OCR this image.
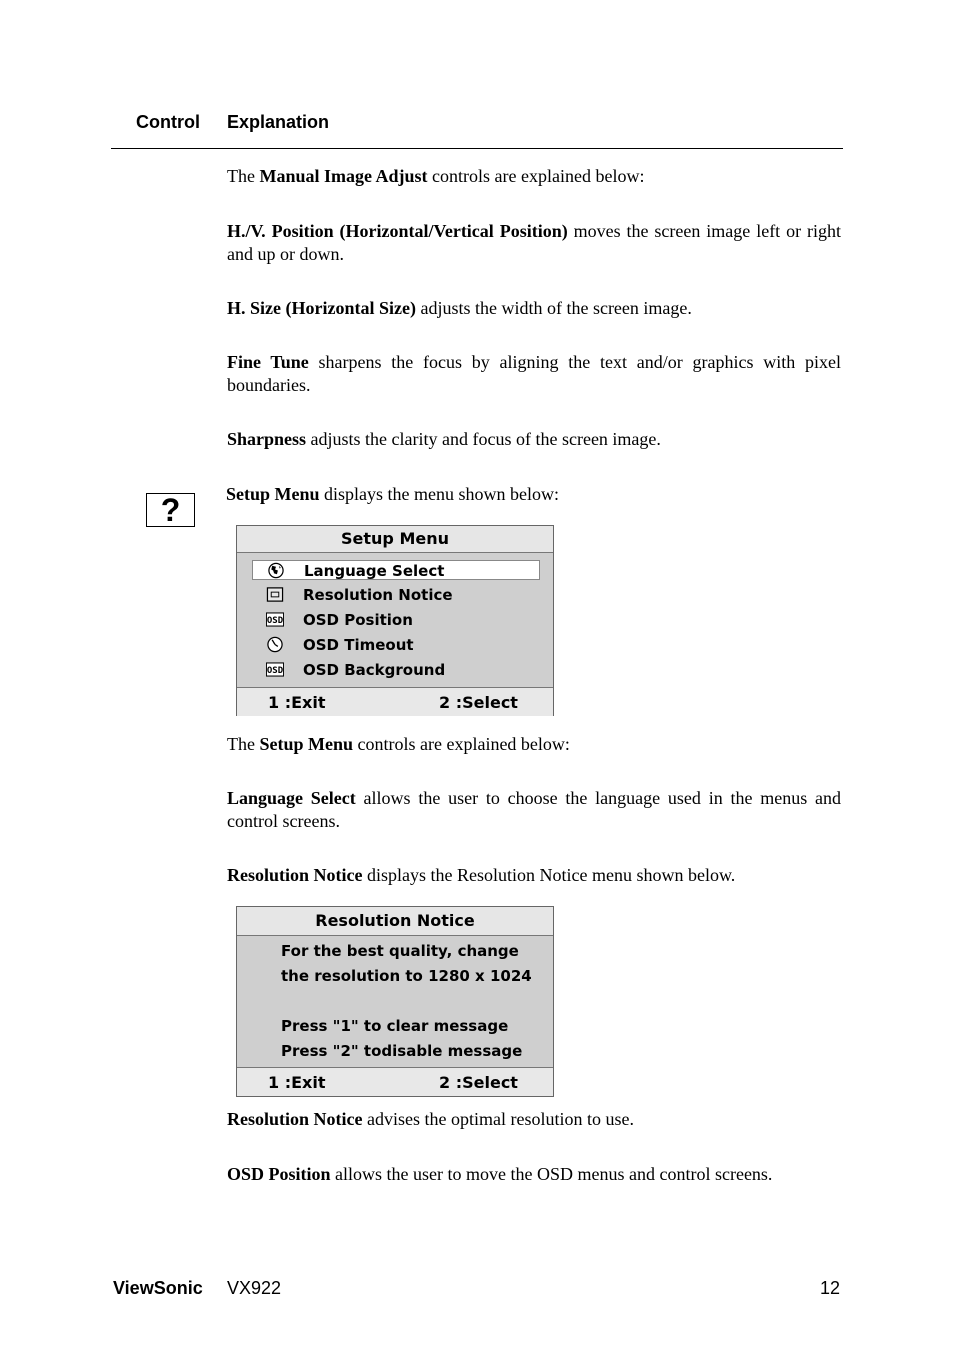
Control Explanation

The Manual Image Adjust controls are explained below:

H./V. Position (Horizontal/Vertical Position) moves the screen image left or right and up or down.

H. Size (Horizontal Size) adjusts the width of the screen image.

Fine Tune sharpens the focus by aligning the text and/or graphics with pixel boundaries.

Sharpness adjusts the clarity and focus of the screen image.

?	Setup Menu displays the menu shown below:

Setup Menu
Language Select
Resolution Notice
OSD OSD Position
OSD Timeout
OSD OSD Background
1 :Exit	2 :Select

The Setup Menu controls are explained below:

Language Select allows the user to choose the language used in the menus and control screens.

Resolution Notice displays the Resolution Notice menu shown below.

Resolution Notice
For the best quality, change
the resolution to 1280 x 1024
Press "1" to clear message
Press "2" todisable message
1 :Exit	2 :Select

Resolution Notice advises the optimal resolution to use.

OSD Position allows the user to move the OSD menus and control screens.

ViewSonic VX922	12
